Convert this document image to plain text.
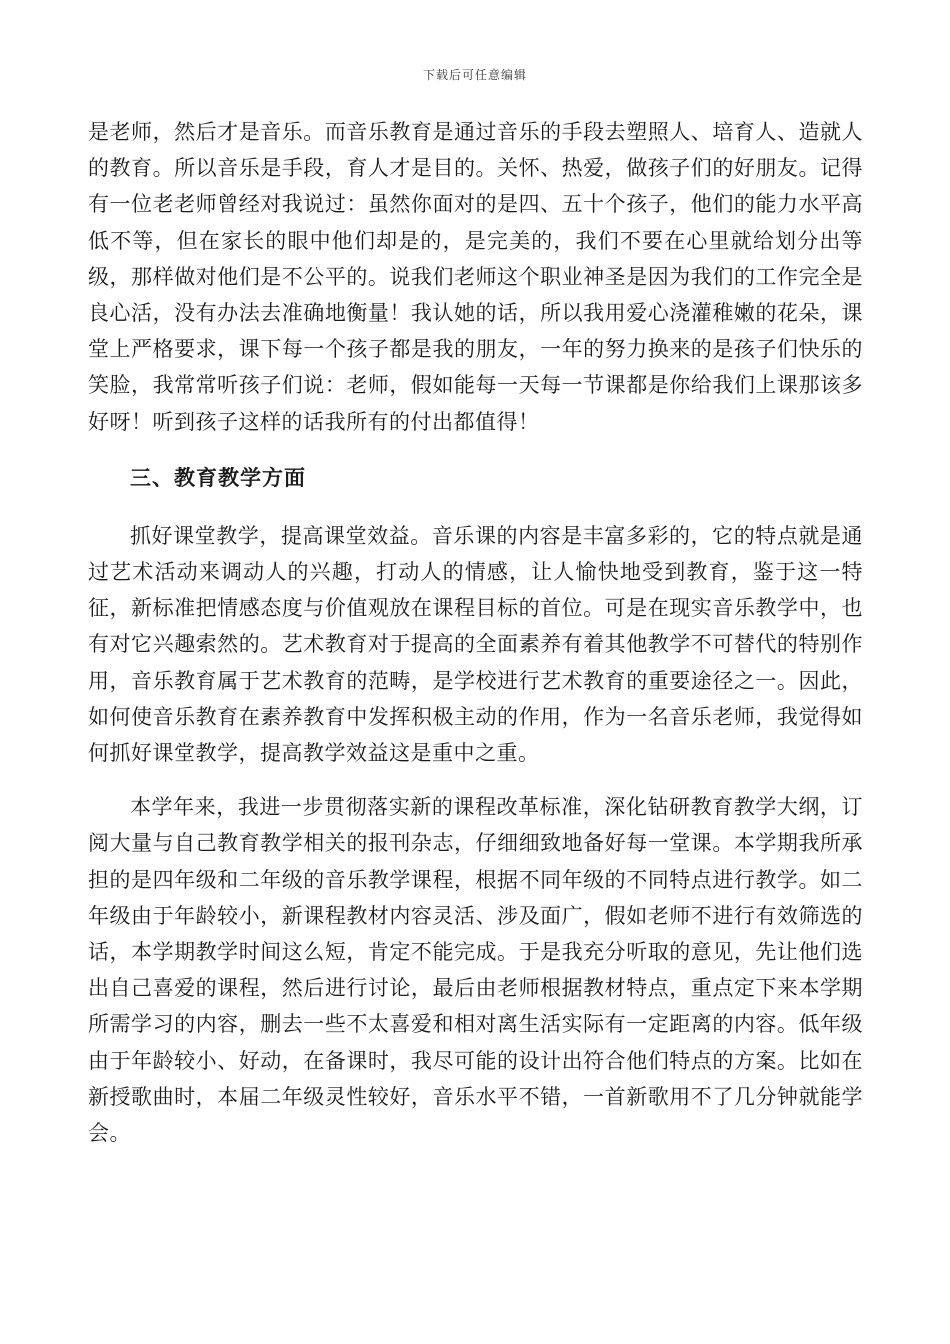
下载后可任意编辑

是老师，然后才是音乐。而音乐教育是通过音乐的手段去塑照人、培育人、造就人的教育。所以音乐是手段，育人才是目的。关怀、热爱，做孩子们的好朋友。记得有一位老老师曾经对我说过：虽然你面对的是四、五十个孩子，他们的能力水平高低不等，但在家长的眼中他们却是的，是完美的，我们不要在心里就给划分出等级，那样做对他们是不公平的。说我们老师这个职业神圣是因为我们的工作完全是良心活，没有办法去准确地衡量！我认她的话，所以我用爱心浇灌稚嫩的花朵，课堂上严格要求，课下每一个孩子都是我的朋友，一年的努力换来的是孩子们快乐的笑脸，我常常听孩子们说：老师，假如能每一天每一节课都是你给我们上课那该多好呀！听到孩子这样的话我所有的付出都值得！

三、教育教学方面

抓好课堂教学，提高课堂效益。音乐课的内容是丰富多彩的，它的特点就是通过艺术活动来调动人的兴趣，打动人的情感，让人愉快地受到教育，鉴于这一特征，新标准把情感态度与价值观放在课程目标的首位。可是在现实音乐教学中，也有对它兴趣索然的。艺术教育对于提高的全面素养有着其他教学不可替代的特别作用，音乐教育属于艺术教育的范畴，是学校进行艺术教育的重要途径之一。因此，如何使音乐教育在素养教育中发挥积极主动的作用，作为一名音乐老师，我觉得如何抓好课堂教学，提高教学效益这是重中之重。

本学年来，我进一步贯彻落实新的课程改革标准，深化钻研教育教学大纲，订阅大量与自己教育教学相关的报刊杂志，仔细细致地备好每一堂课。本学期我所承担的是四年级和二年级的音乐教学课程，根据不同年级的不同特点进行教学。如二年级由于年龄较小，新课程教材内容灵活、涉及面广，假如老师不进行有效筛选的话，本学期教学时间这么短，肯定不能完成。于是我充分听取的意见，先让他们选出自己喜爱的课程，然后进行讨论，最后由老师根据教材特点，重点定下来本学期所需学习的内容，删去一些不太喜爱和相对离生活实际有一定距离的内容。低年级由于年龄较小、好动，在备课时，我尽可能的设计出符合他们特点的方案。比如在新授歌曲时，本届二年级灵性较好，音乐水平不错，一首新歌用不了几分钟就能学会。
